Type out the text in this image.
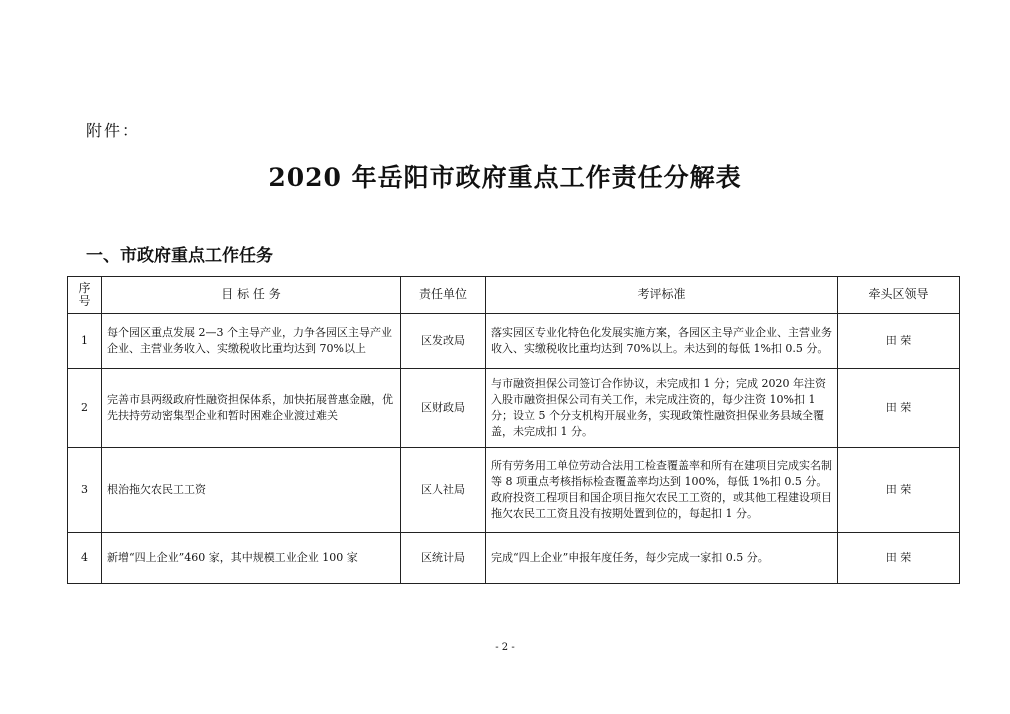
附件：
2020 年岳阳市政府重点工作责任分解表
一、市政府重点工作任务
序号	目 标 任 务	责任单位	考评标准	牵头区领导
1	每个园区重点发展 2—3 个主导产业，力争各园区主导产业企业、主营业务收入、实缴税收比重均达到 70%以上	区发改局	落实园区专业化特色化发展实施方案，各园区主导产业企业、主营业务收入、实缴税收比重均达到 70%以上。未达到的每低 1%扣 0.5 分。	田 荣
2	完善市县两级政府性融资担保体系，加快拓展普惠金融，优先扶持劳动密集型企业和暂时困难企业渡过难关	区财政局	与市融资担保公司签订合作协议，未完成扣 1 分；完成 2020 年注资入股市融资担保公司有关工作，未完成注资的，每少注资 10%扣 1 分；设立 5 个分支机构开展业务，实现政策性融资担保业务县域全覆盖，未完成扣 1 分。	田 荣
3	根治拖欠农民工工资	区人社局	所有劳务用工单位劳动合法用工检查覆盖率和所有在建项目完成实名制等 8 项重点考核指标检查覆盖率均达到 100%，每低 1%扣 0.5 分。政府投资工程项目和国企项目拖欠农民工工资的，或其他工程建设项目拖欠农民工工资且没有按期处置到位的，每起扣 1 分。	田 荣
4	新增“四上企业”460 家，其中规模工业企业 100 家	区统计局	完成“四上企业”申报年度任务，每少完成一家扣 0.5 分。	田 荣
- 2 -
